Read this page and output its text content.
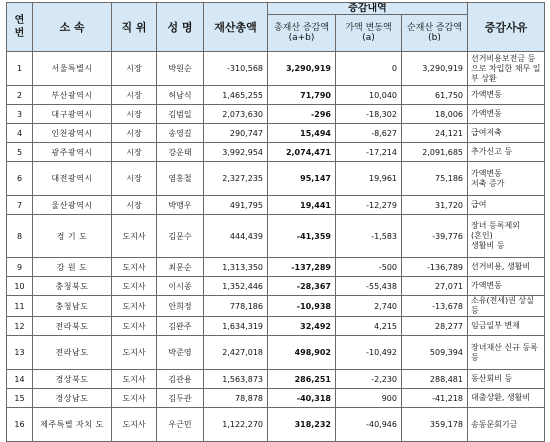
연 번	소 속	직 위	성 명	재산총액	증감내역			증감사유
					총재산 증감액 (a+b)	가액 변동액 (a)	순재산 증감액 (b)	
1	서울특별시	시장	박원순	-310,568	3,290,919	0	3,290,919	선거비용보전금 등으로 차입한 채무 일부 상환
2	부산광역시	시장	허남식	1,465,255	71,790	10,040	61,750	가액변동
3	대구광역시	시장	김범일	2,073,630	-296	-18,302	18,006	가액변동
4	인천광역시	시장	송영길	290,747	15,494	-8,627	24,121	급여저축
5	광주광역시	시장	강운태	3,992,954	2,074,471	-17,214	2,091,685	추가신고 등
6	대전광역시	시장	염홍철	2,327,235	95,147	19,961	75,186	가액변동
저축 증가
7	울산광역시	시장	박맹우	491,795	19,441	-12,279	31,720	급여
8	경 기 도	도지사	김문수	444,439	-41,359	-1,583	-39,776	장녀 등록제외
(혼인)
생활비 등
9	강 원 도	도지사	최문순	1,313,350	-137,289	-500	-136,789	선거비용, 생활비
10	충청북도	도지사	이시종	1,352,446	-28,367	-55,438	27,071	가액변동
11	충청남도	도지사	안희정	778,186	-10,938	2,740	-13,678	소유(전세)권 상실 등
12	전라북도	도지사	김완주	1,634,319	32,492	4,215	28,277	임금일부 변제
13	전라남도	도지사	박준영	2,427,018	498,902	-10,492	509,394	장녀재산 신규 등록 등
14	경상북도	도지사	김관용	1,563,873	286,251	-2,230	288,481	동산회비 등
15	경상남도	도지사	김두관	78,878	-40,318	900	-41,218	대출상환, 생활비
16	제주특별 자치 도	도지사	우근민	1,122,270	318,232	-40,946	359,178	송동문회기금
